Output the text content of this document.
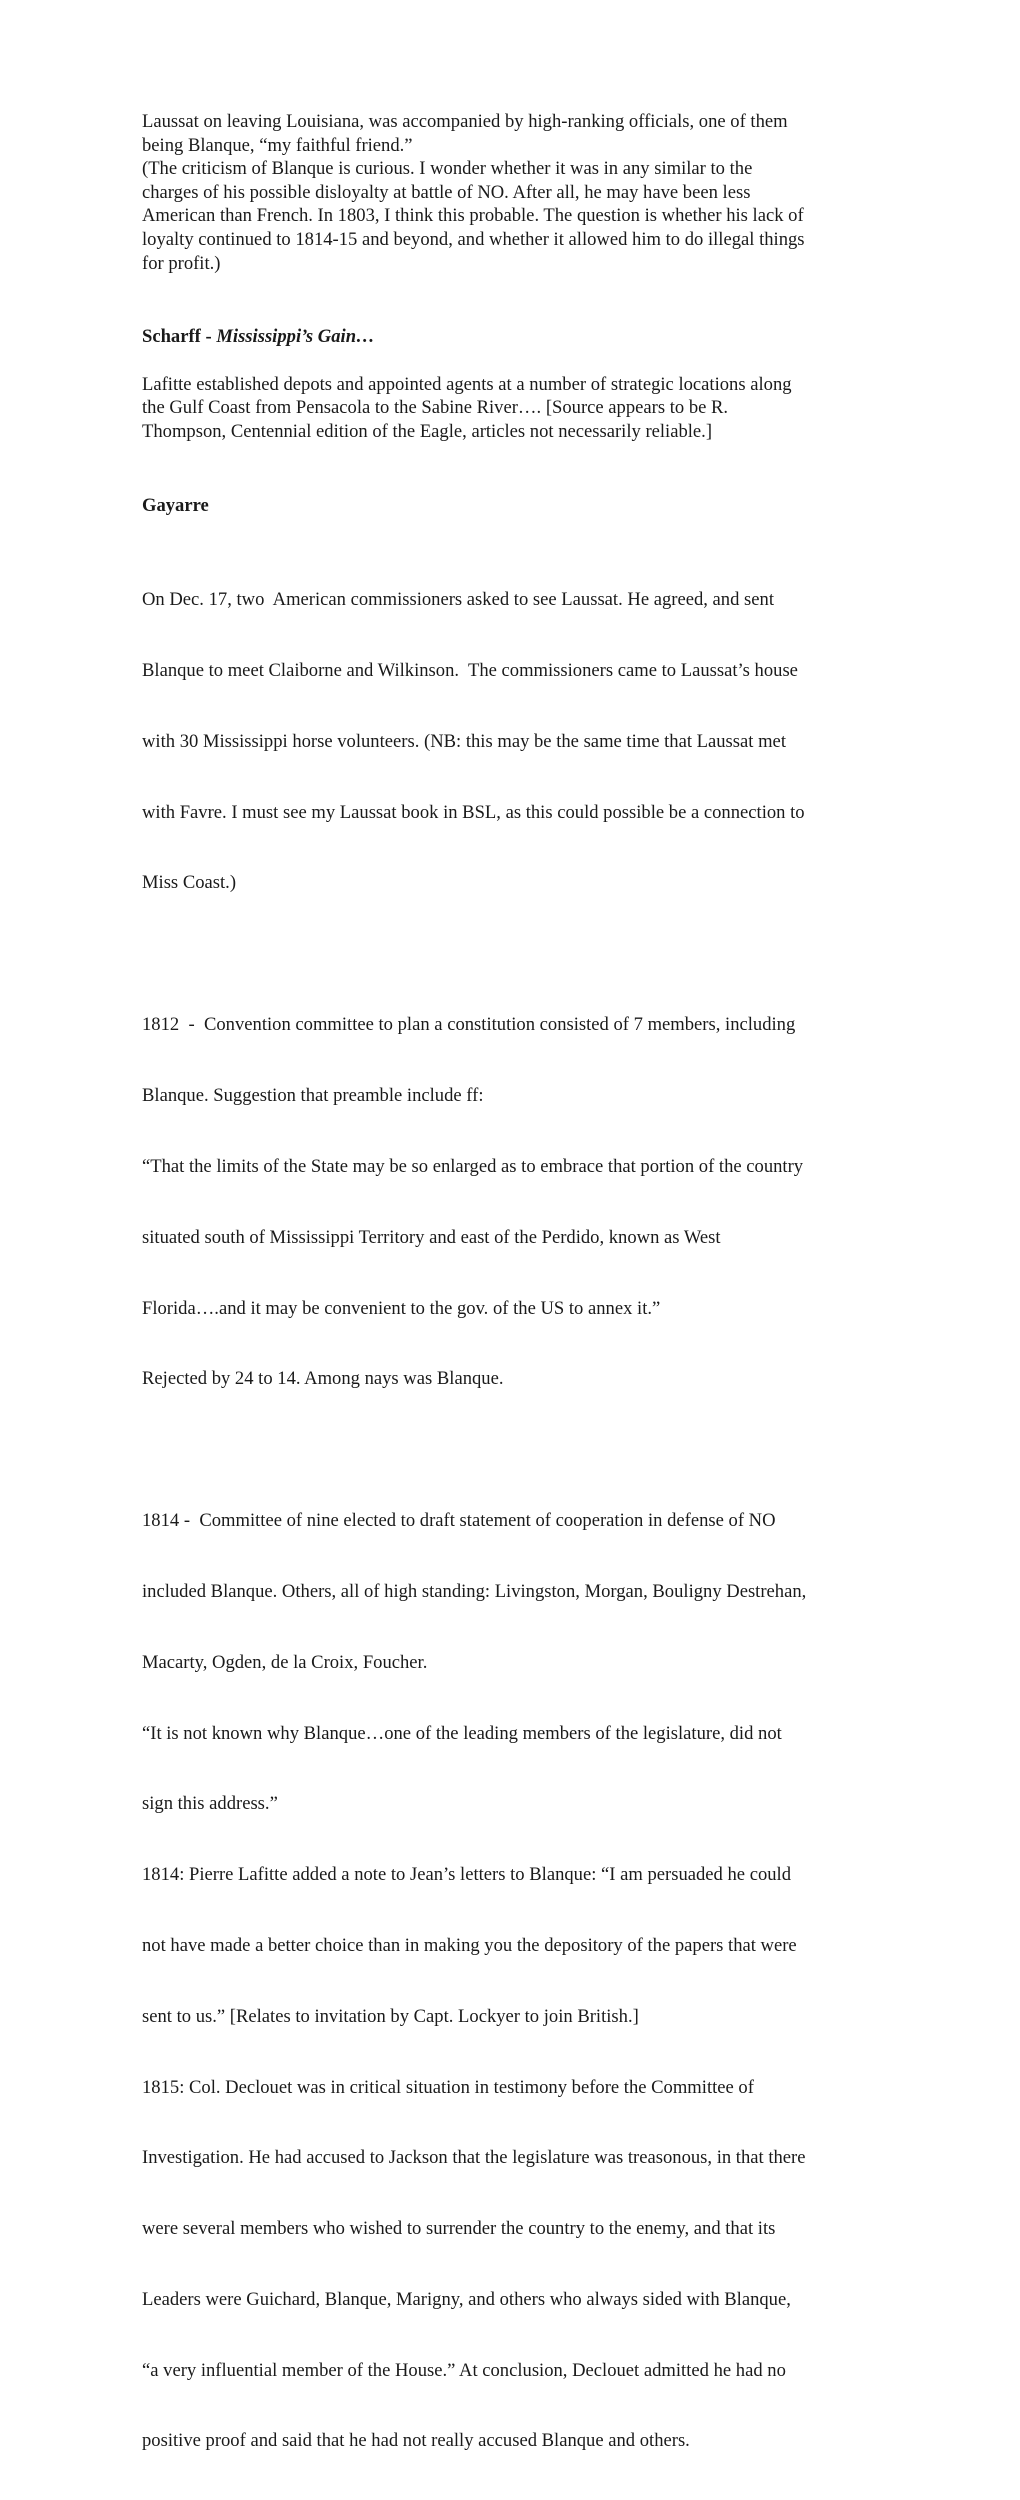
Laussat on leaving Louisiana, was accompanied by high-ranking officials, one of them

being Blanque, “my faithful friend.”

(The criticism of Blanque is curious. I wonder whether it was in any similar to the

charges of his possible disloyalty at battle of NO. After all, he may have been less

American than French. In 1803, I think this probable. The question is whether his lack of

loyalty continued to 1814-15 and beyond, and whether it allowed him to do illegal things

for profit.)

Scharff - Mississippi’s Gain…

Lafitte established depots and appointed agents at a number of strategic locations along

the Gulf Coast from Pensacola to the Sabine River…. [Source appears to be R.

Thompson, Centennial edition of the Eagle, articles not necessarily reliable.]

Gayarre

On Dec. 17, two  American commissioners asked to see Laussat. He agreed, and sent

Blanque to meet Claiborne and Wilkinson.  The commissioners came to Laussat’s house

with 30 Mississippi horse volunteers. (NB: this may be the same time that Laussat met

with Favre. I must see my Laussat book in BSL, as this could possible be a connection to

Miss Coast.)

1812  -  Convention committee to plan a constitution consisted of 7 members, including

Blanque. Suggestion that preamble include ff:

“That the limits of the State may be so enlarged as to embrace that portion of the country

situated south of Mississippi Territory and east of the Perdido, known as West

Florida….and it may be convenient to the gov. of the US to annex it.”

Rejected by 24 to 14. Among nays was Blanque.

1814 -  Committee of nine elected to draft statement of cooperation in defense of NO

included Blanque. Others, all of high standing: Livingston, Morgan, Bouligny Destrehan,

Macarty, Ogden, de la Croix, Foucher.

“It is not known why Blanque…one of the leading members of the legislature, did not

sign this address.”

1814: Pierre Lafitte added a note to Jean’s letters to Blanque: “I am persuaded he could

not have made a better choice than in making you the depository of the papers that were

sent to us.” [Relates to invitation by Capt. Lockyer to join British.]

1815: Col. Declouet was in critical situation in testimony before the Committee of

Investigation. He had accused to Jackson that the legislature was treasonous, in that there

were several members who wished to surrender the country to the enemy, and that its

Leaders were Guichard, Blanque, Marigny, and others who always sided with Blanque,

“a very influential member of the House.” At conclusion, Declouet admitted he had no

positive proof and said that he had not really accused Blanque and others.
